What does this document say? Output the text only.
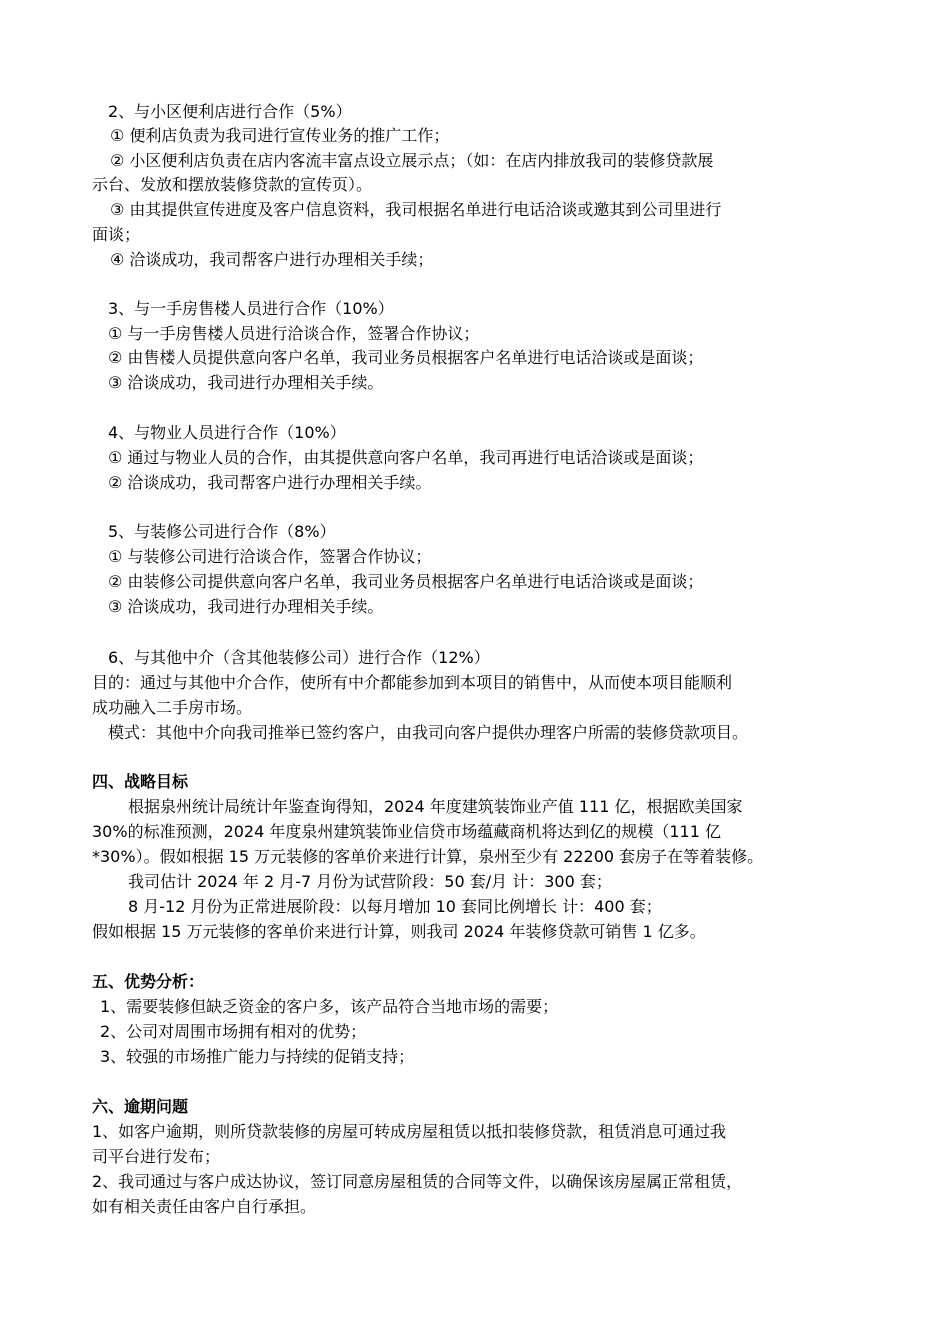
2、与小区便利店进行合作（5%）
① 便利店负责为我司进行宣传业务的推广工作；
② 小区便利店负责在店内客流丰富点设立展示点；（如：在店内排放我司的装修贷款展
示台、发放和摆放装修贷款的宣传页）。
③ 由其提供宣传进度及客户信息资料，我司根据名单进行电话洽谈或邀其到公司里进行
面谈；
④ 洽谈成功，我司帮客户进行办理相关手续；
3、与一手房售楼人员进行合作（10%）
① 与一手房售楼人员进行洽谈合作，签署合作协议；
② 由售楼人员提供意向客户名单，我司业务员根据客户名单进行电话洽谈或是面谈；
③ 洽谈成功，我司进行办理相关手续。
4、与物业人员进行合作（10%）
① 通过与物业人员的合作，由其提供意向客户名单，我司再进行电话洽谈或是面谈；
② 洽谈成功，我司帮客户进行办理相关手续。
5、与装修公司进行合作（8%）
① 与装修公司进行洽谈合作，签署合作协议；
② 由装修公司提供意向客户名单，我司业务员根据客户名单进行电话洽谈或是面谈；
③ 洽谈成功，我司进行办理相关手续。
6、与其他中介（含其他装修公司）进行合作（12%）
目的：通过与其他中介合作，使所有中介都能参加到本项目的销售中，从而使本项目能顺利
成功融入二手房市场。
模式：其他中介向我司推举已签约客户，由我司向客户提供办理客户所需的装修贷款项目。
四、战略目标
根据泉州统计局统计年鉴查询得知，2024 年度建筑装饰业产值 111 亿，根据欧美国家
30%的标准预测，2024 年度泉州建筑装饰业信贷市场蕴藏商机将达到亿的规模（111 亿
*30%）。假如根据 15 万元装修的客单价来进行计算，泉州至少有 22200 套房子在等着装修。
我司估计 2024 年 2 月-7 月份为试营阶段：50 套/月 计：300 套；
8 月-12 月份为正常进展阶段：以每月增加 10 套同比例增长 计：400 套；
假如根据 15 万元装修的客单价来进行计算，则我司 2024 年装修贷款可销售 1 亿多。
五、优势分析：
1、需要装修但缺乏资金的客户多，该产品符合当地市场的需要；
2、公司对周围市场拥有相对的优势；
3、较强的市场推广能力与持续的促销支持；
六、逾期问题
1、如客户逾期，则所贷款装修的房屋可转成房屋租赁以抵扣装修贷款，租赁消息可通过我
司平台进行发布；
2、我司通过与客户成达协议，签订同意房屋租赁的合同等文件，以确保该房屋属正常租赁，
如有相关责任由客户自行承担。
